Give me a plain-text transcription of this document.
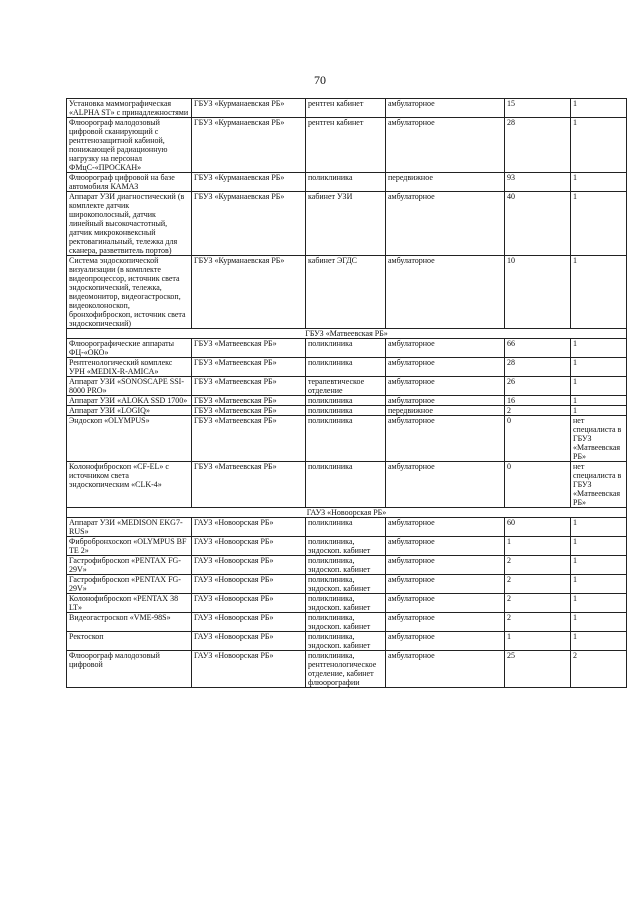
70
Установка маммографическая «ALPHA ST» с принадлежностями	ГБУЗ «Курманаевская РБ»	рентген кабинет	амбулаторное	15	1
Флюорограф малодозовый цифровой сканирующий с рентгенозащитной кабиной, понижающей радиационную нагрузку на персонал ФМцС-«ПРОСКАН»	ГБУЗ «Курманаевская РБ»	рентген кабинет	амбулаторное	28	1
Флюорограф цифровой на базе автомобиля КАМАЗ	ГБУЗ «Курманаевская РБ»	поликлиника	передвижное	93	1
Аппарат УЗИ диагностический (в комплекте датчик широкополосный, датчик линейный высокочастотный, датчик микроконвексный ректовагинальный, тележка для сканера, разветвитель портов)	ГБУЗ «Курманаевская РБ»	кабинет УЗИ	амбулаторное	40	1
Система эндоскопической визуализации (в комплекте видеопроцессор, источник света эндоскопический, тележка, видеомонитор, видеогастроскоп, видеоколоноскоп, бронхофиброскоп, источник света эндоскопический)	ГБУЗ «Курманаевская РБ»	кабинет ЭГДС	амбулаторное	10	1
ГБУЗ «Матвеевская РБ»					
Флюорографические аппараты ФЦ-«ОКО»	ГБУЗ «Матвеевская РБ»	поликлиника	амбулаторное	66	1
Рентгенологический комплекс УРН «MEDIX-R-AMICA»	ГБУЗ «Матвеевская РБ»	поликлиника	амбулаторное	28	1
Аппарат УЗИ «SONOSCAPE SSI-8000 PRO»	ГБУЗ «Матвеевская РБ»	терапевтическое отделение	амбулаторное	26	1
Аппарат УЗИ «ALOKA SSD 1700»	ГБУЗ «Матвеевская РБ»	поликлиника	амбулаторное	16	1
Аппарат УЗИ «LOGIQ»	ГБУЗ «Матвеевская РБ»	поликлиника	передвижное	2	1
Эндоскоп «OLYMPUS»	ГБУЗ «Матвеевская РБ»	поликлиника	амбулаторное	0	нет специалиста в ГБУЗ «Матвеевская РБ»
Колонофиброскоп «CF-EL» с источником света эндоскопическим «CLK-4»	ГБУЗ «Матвеевская РБ»	поликлиника	амбулаторное	0	нет специалиста в ГБУЗ «Матвеевская РБ»
ГАУЗ «Новоорская РБ»					
Аппарат УЗИ «MEDISON EKG7-RUS»	ГАУЗ «Новоорская РБ»	поликлиника	амбулаторное	60	1
Фибробронхоскоп «OLYMPUS BF TE 2»	ГАУЗ «Новоорская РБ»	поликлиника, эндоскоп. кабинет	амбулаторное	1	1
Гастрофиброскоп «PENTAX FG-29V»	ГАУЗ «Новоорская РБ»	поликлиника, эндоскоп. кабинет	амбулаторное	2	1
Гастрофиброскоп «PENTAX FG-29V»	ГАУЗ «Новоорская РБ»	поликлиника, эндоскоп. кабинет	амбулаторное	2	1
Колонофиброскоп «PENTAX 38 LT»	ГАУЗ «Новоорская РБ»	поликлиника, эндоскоп. кабинет	амбулаторное	2	1
Видеогастроскоп «VME-98S»	ГАУЗ «Новоорская РБ»	поликлиника, эндоскоп. кабинет	амбулаторное	2	1
Ректоскоп	ГАУЗ «Новоорская РБ»	поликлиника, эндоскоп. кабинет	амбулаторное	1	1
Флюорограф малодозовый цифровой	ГАУЗ «Новоорская РБ»	поликлиника, рентгенологическое отделение, кабинет флюорографии	амбулаторное	25	2
